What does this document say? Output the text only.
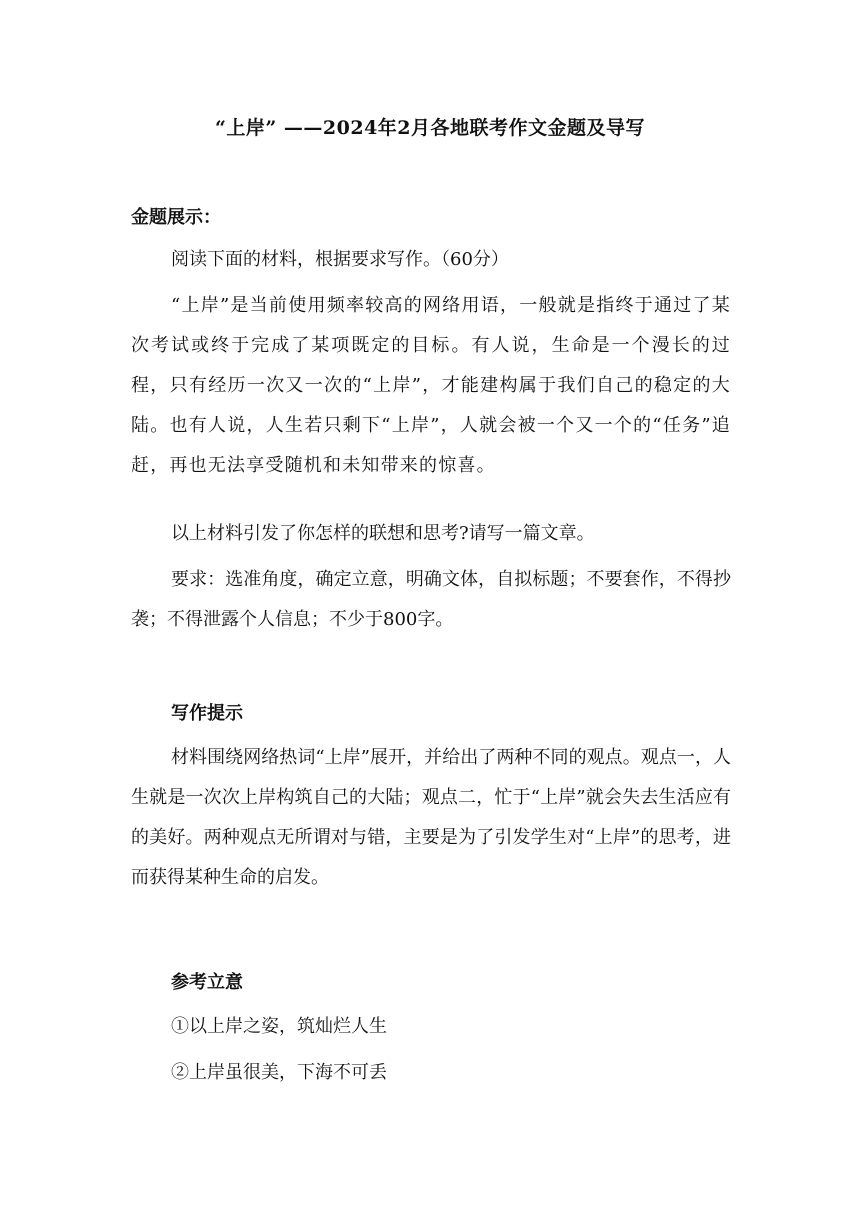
“上岸” ——2024年2月各地联考作文金题及导写
金题展示：

阅读下面的材料，根据要求写作。（60分）

“上岸”是当前使用频率较高的网络用语，一般就是指终于通过了某次考试或终于完成了某项既定的目标。有人说，生命是一个漫长的过程，只有经历一次又一次的“上岸”，才能建构属于我们自己的稳定的大陆。也有人说，人生若只剩下“上岸”，人就会被一个又一个的“任务”追赶，再也无法享受随机和未知带来的惊喜。

以上材料引发了你怎样的联想和思考?请写一篇文章。

要求：选准角度，确定立意，明确文体，自拟标题；不要套作，不得抄袭；不得泄露个人信息；不少于800字。

写作提示

材料围绕网络热词“上岸”展开，并给出了两种不同的观点。观点一，人生就是一次次上岸构筑自己的大陆；观点二，忙于“上岸”就会失去生活应有的美好。两种观点无所谓对与错，主要是为了引发学生对“上岸”的思考，进而获得某种生命的启发。

参考立意

①以上岸之姿，筑灿烂人生

②上岸虽很美，下海不可丢
